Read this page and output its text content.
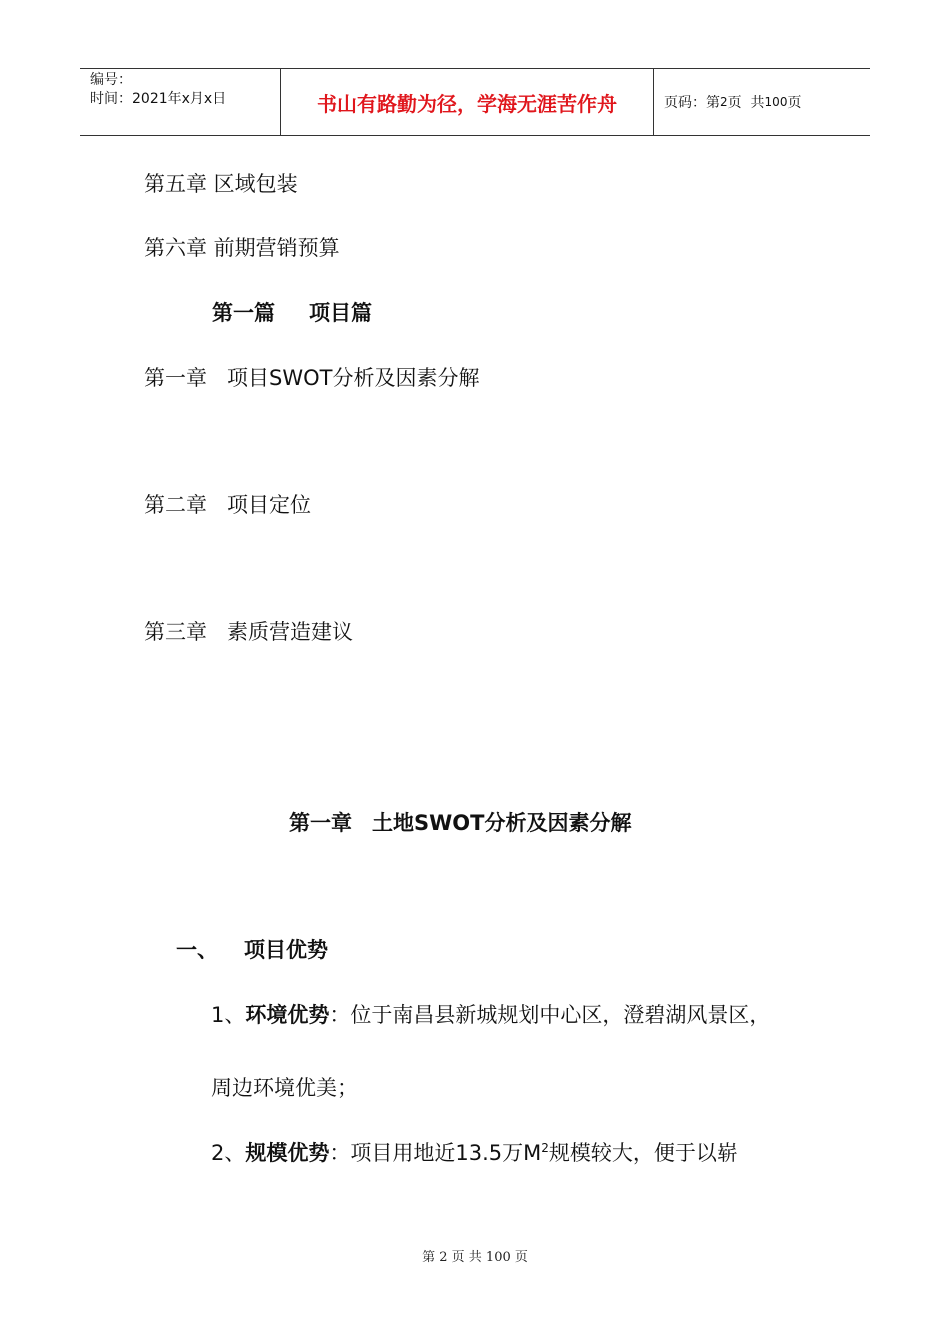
编号：
时间：2021年x月x日	书山有路勤为径，学海无涯苦作舟	页码：第 2 页  共 100 页
第五章 区域包装
第六章 前期营销预算
第一篇 项目篇
第一章 项目SWOT分析及因素分解
第二章 项目定位
第三章 素质营造建议
第一章 土地SWOT分析及因素分解
一、 项目优势
1、环境优势：位于南昌县新城规划中心区，澄碧湖风景区，
周边环境优美；
2、规模优势：项目用地近13.5万$M^2$规模较大，便于以崭
第 2 页 共 100 页
